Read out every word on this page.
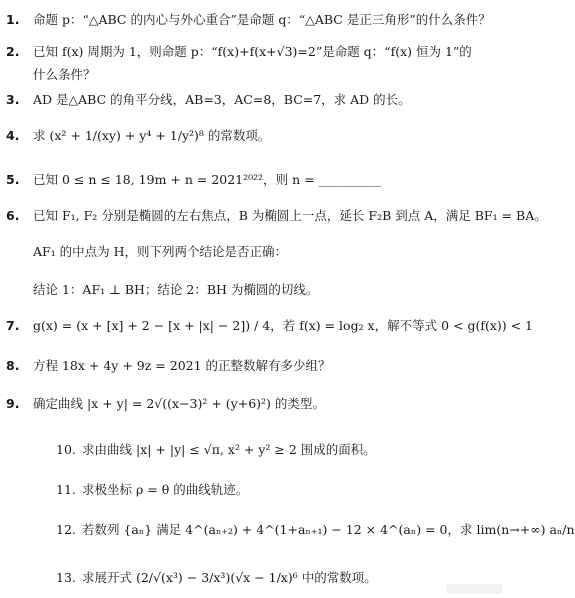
1.	命题 p：“△ABC 的内心与外心重合”是命题 q：“△ABC 是正三角形”的什么条件？
2.	已知 f(x) 周期为 1，则命题 p：“f(x)+f(x+√3)=2”是命题 q：“f(x) 恒为 1”的
什么条件？
3.	AD 是△ABC 的角平分线，AB=3，AC=8，BC=7，求 AD 的长。
4.	求 (x² + 1/(xy) + y⁴ + 1/y²)⁸ 的常数项。
5.	已知 0 ≤ n ≤ 18, 19m + n = 2021²⁰²²，则 n = __________
6.	已知 F₁, F₂ 分别是椭圆的左右焦点，B 为椭圆上一点，延长 F₂B 到点 A，满足 BF₁ = BA。
AF₁ 的中点为 H，则下列两个结论是否正确：
结论 1：AF₁ ⊥ BH；结论 2：BH 为椭圆的切线。
7.	g(x) = (x + [x] + 2 − [x + |x| − 2]) / 4，若 f(x) = log₂ x，解不等式 0 < g(f(x)) < 1
8.	方程 18x + 4y + 9z = 2021 的正整数解有多少组？
9.	确定曲线 |x + y| = 2√((x−3)² + (y+6)²) 的类型。
10. 求由曲线 |x| + |y| ≤ √π, x² + y² ≥ 2 围成的面积。
11. 求极坐标 ρ = θ 的曲线轨迹。
12. 若数列 {aₙ} 满足 4^(aₙ₊₂) + 4^(1+aₙ₊₁) − 12 × 4^(aₙ) = 0，求 lim(n→+∞) aₙ/n
13. 求展开式 (2/√(x³) − 3/x³)(√x − 1/x)⁶ 中的常数项。
